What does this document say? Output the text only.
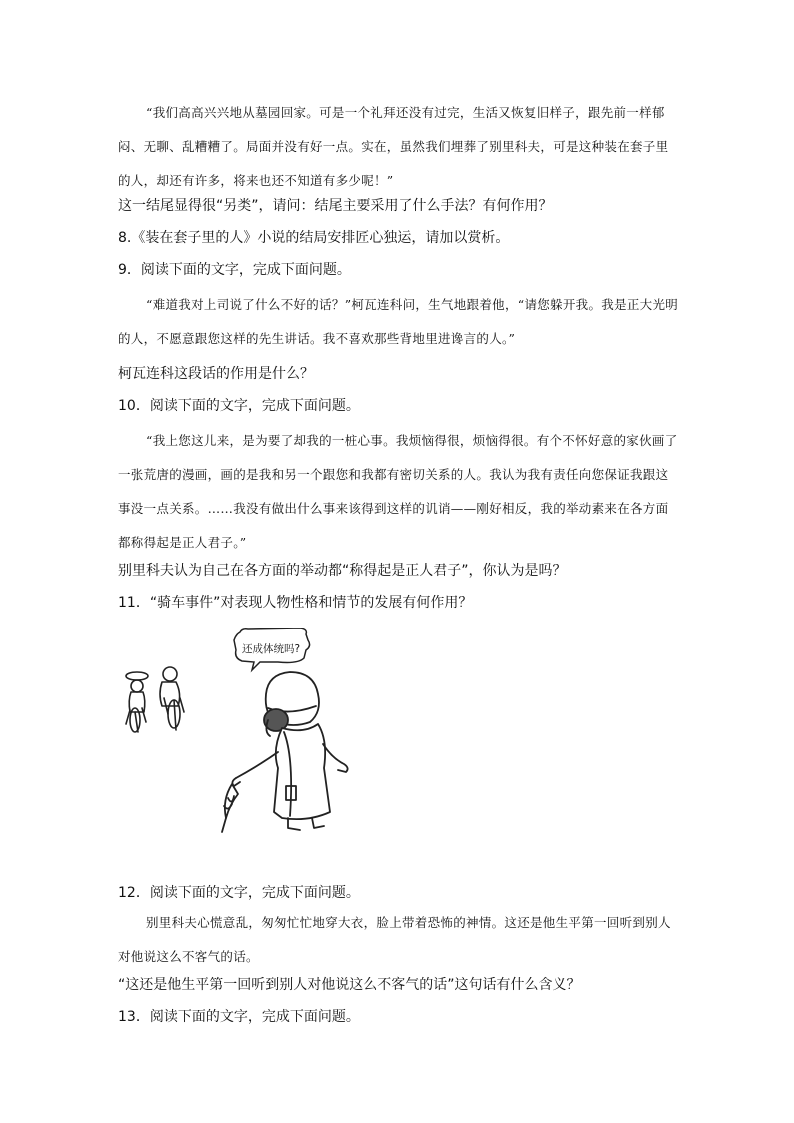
“我们高高兴兴地从墓园回家。可是一个礼拜还没有过完，生活又恢复旧样子，跟先前一样郁闷、无聊、乱糟糟了。局面并没有好一点。实在，虽然我们埋葬了别里科夫，可是这种装在套子里的人，却还有许多，将来也还不知道有多少呢！”

这一结尾显得很“另类”，请问：结尾主要采用了什么手法？有何作用？

8.《装在套子里的人》小说的结局安排匠心独运，请加以赏析。

9．阅读下面的文字，完成下面问题。

“难道我对上司说了什么不好的话？”柯瓦连科问，生气地跟着他，“请您躲开我。我是正大光明的人，不愿意跟您这样的先生讲话。我不喜欢那些背地里进谗言的人。”

柯瓦连科这段话的作用是什么？

10．阅读下面的文字，完成下面问题。

“我上您这儿来，是为要了却我的一桩心事。我烦恼得很，烦恼得很。有个不怀好意的家伙画了一张荒唐的漫画，画的是我和另一个跟您和我都有密切关系的人。我认为我有责任向您保证我跟这事没一点关系。……我没有做出什么事来该得到这样的讥诮——刚好相反，我的举动素来在各方面都称得起是正人君子。”

别里科夫认为自己在各方面的举动都“称得起是正人君子”，你认为是吗？

11．“骑车事件”对表现人物性格和情节的发展有何作用？

还成体统吗?

12．阅读下面的文字，完成下面问题。

别里科夫心慌意乱，匆匆忙忙地穿大衣，脸上带着恐怖的神情。这还是他生平第一回听到别人对他说这么不客气的话。

“这还是他生平第一回听到别人对他说这么不客气的话”这句话有什么含义？

13．阅读下面的文字，完成下面问题。
